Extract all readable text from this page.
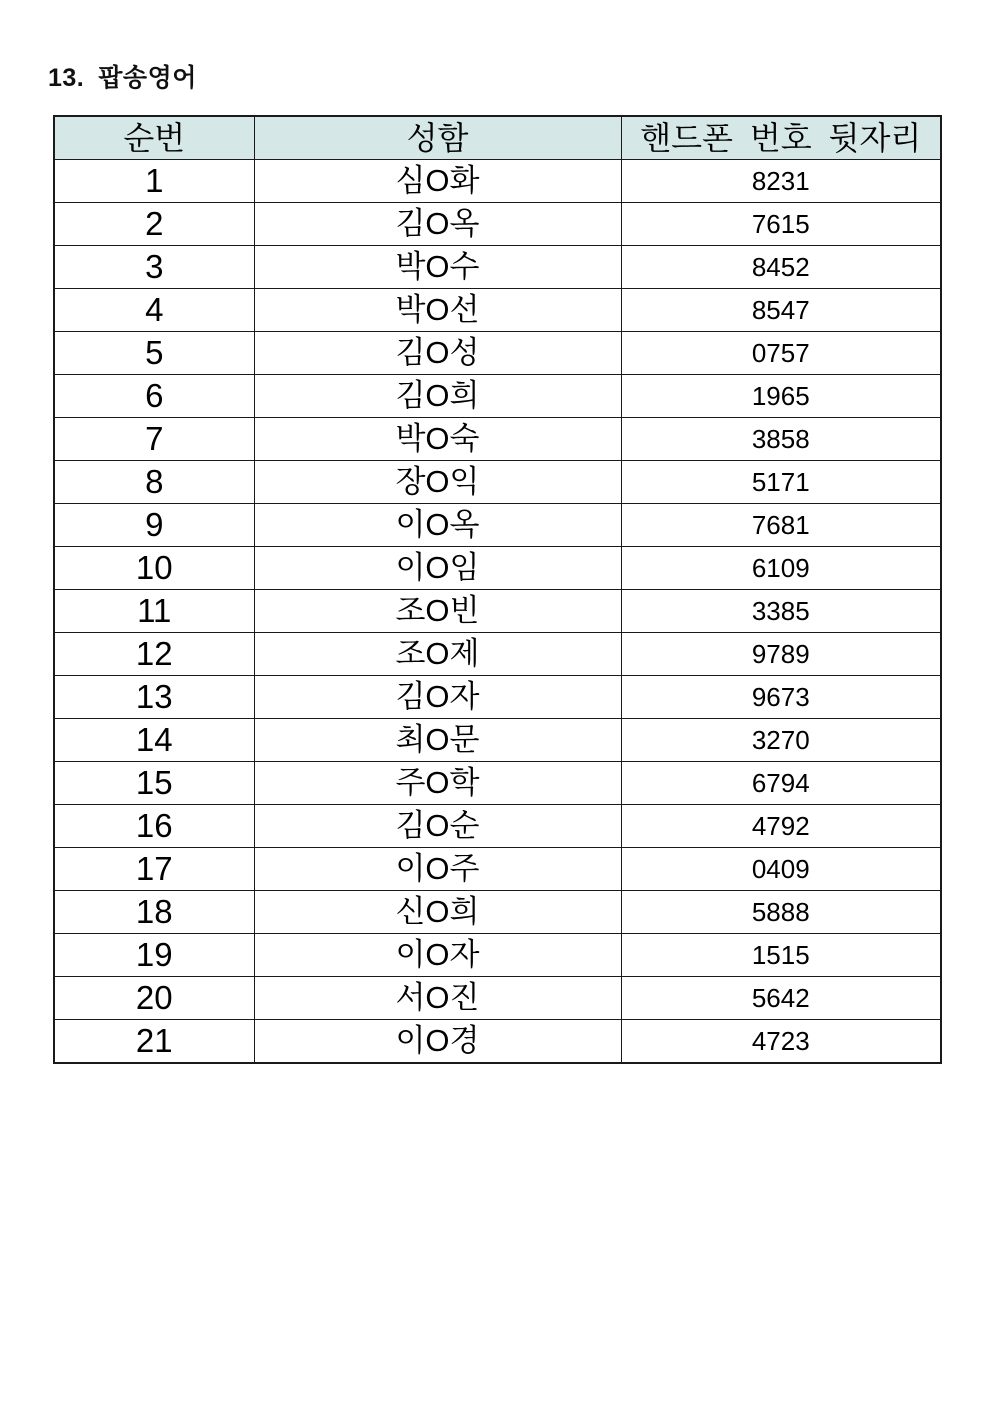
13. 팝송영어
순번	성함	핸드폰 번호 뒷자리
1	심O화	8231
2	김O옥	7615
3	박O수	8452
4	박O선	8547
5	김O성	0757
6	김O희	1965
7	박O숙	3858
8	장O익	5171
9	이O옥	7681
10	이O임	6109
11	조O빈	3385
12	조O제	9789
13	김O자	9673
14	최O문	3270
15	주O학	6794
16	김O순	4792
17	이O주	0409
18	신O희	5888
19	이O자	1515
20	서O진	5642
21	이O경	4723
